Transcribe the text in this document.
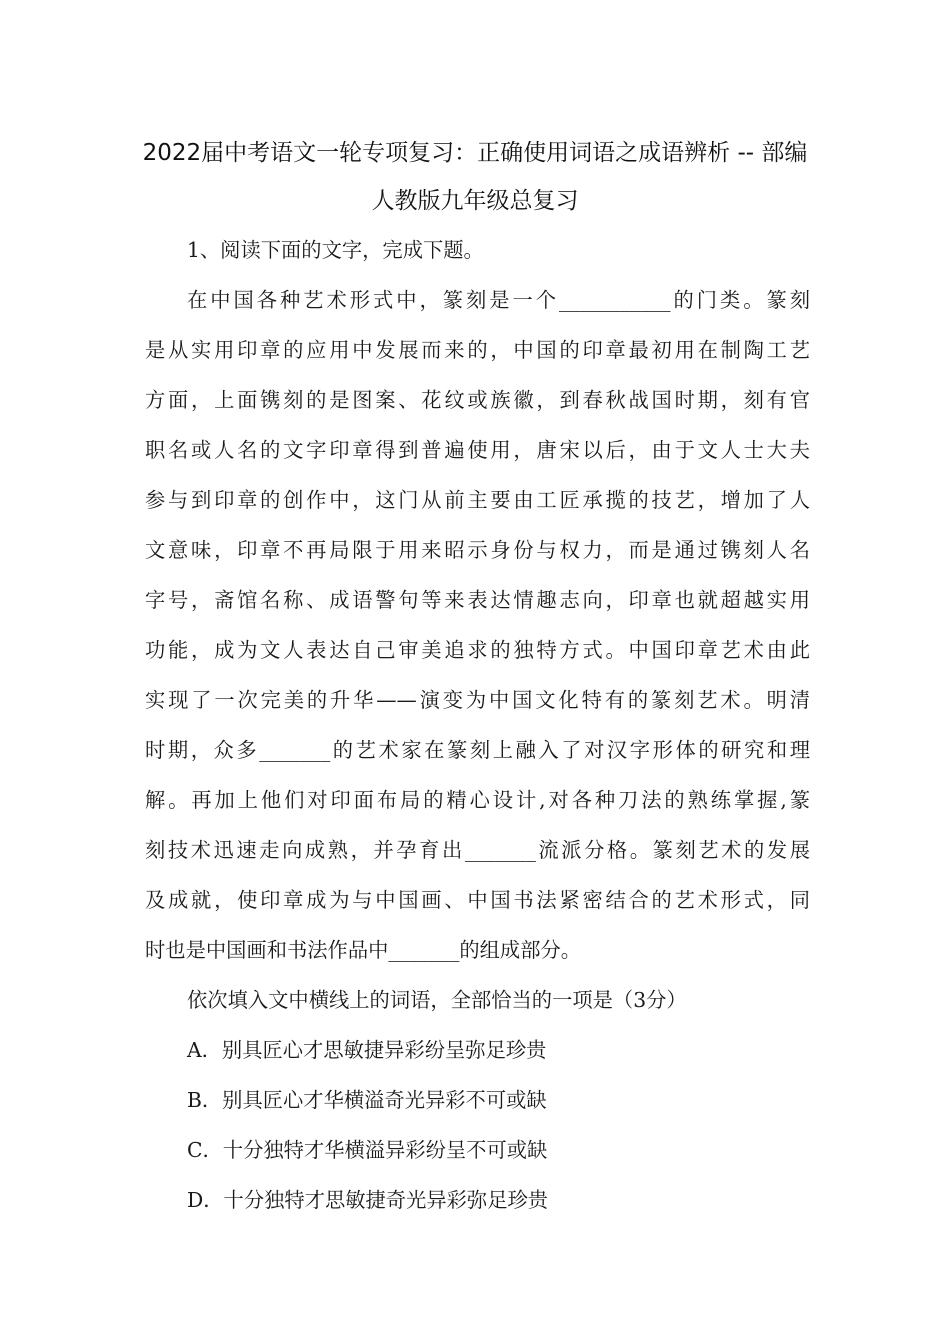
2022届中考语文一轮专项复习：正确使用词语之成语辨析 -- 部编
人教版九年级总复习
1、阅读下面的文字，完成下题。
在中国各种艺术形式中，篆刻是一个___________的门类。篆刻
是从实用印章的应用中发展而来的，中国的印章最初用在制陶工艺
方面，上面镌刻的是图案、花纹或族徽，到春秋战国时期，刻有官
职名或人名的文字印章得到普遍使用，唐宋以后，由于文人士大夫
参与到印章的创作中，这门从前主要由工匠承揽的技艺，增加了人
文意味，印章不再局限于用来昭示身份与权力，而是通过镌刻人名
字号，斋馆名称、成语警句等来表达情趣志向，印章也就超越实用
功能，成为文人表达自己审美追求的独特方式。中国印章艺术由此
实现了一次完美的升华——演变为中国文化特有的篆刻艺术。明清
时期，众多_______的艺术家在篆刻上融入了对汉字形体的研究和理
解。再加上他们对印面布局的精心设计,对各种刀法的熟练掌握,篆
刻技术迅速走向成熟，并孕育出_______流派分格。篆刻艺术的发展
及成就，使印章成为与中国画、中国书法紧密结合的艺术形式，同
时也是中国画和书法作品中_______的组成部分。
依次填入文中横线上的词语，全部恰当的一项是（3分）
A．别具匠心才思敏捷异彩纷呈弥足珍贵
B．别具匠心才华横溢奇光异彩不可或缺
C．十分独特才华横溢异彩纷呈不可或缺
D．十分独特才思敏捷奇光异彩弥足珍贵
